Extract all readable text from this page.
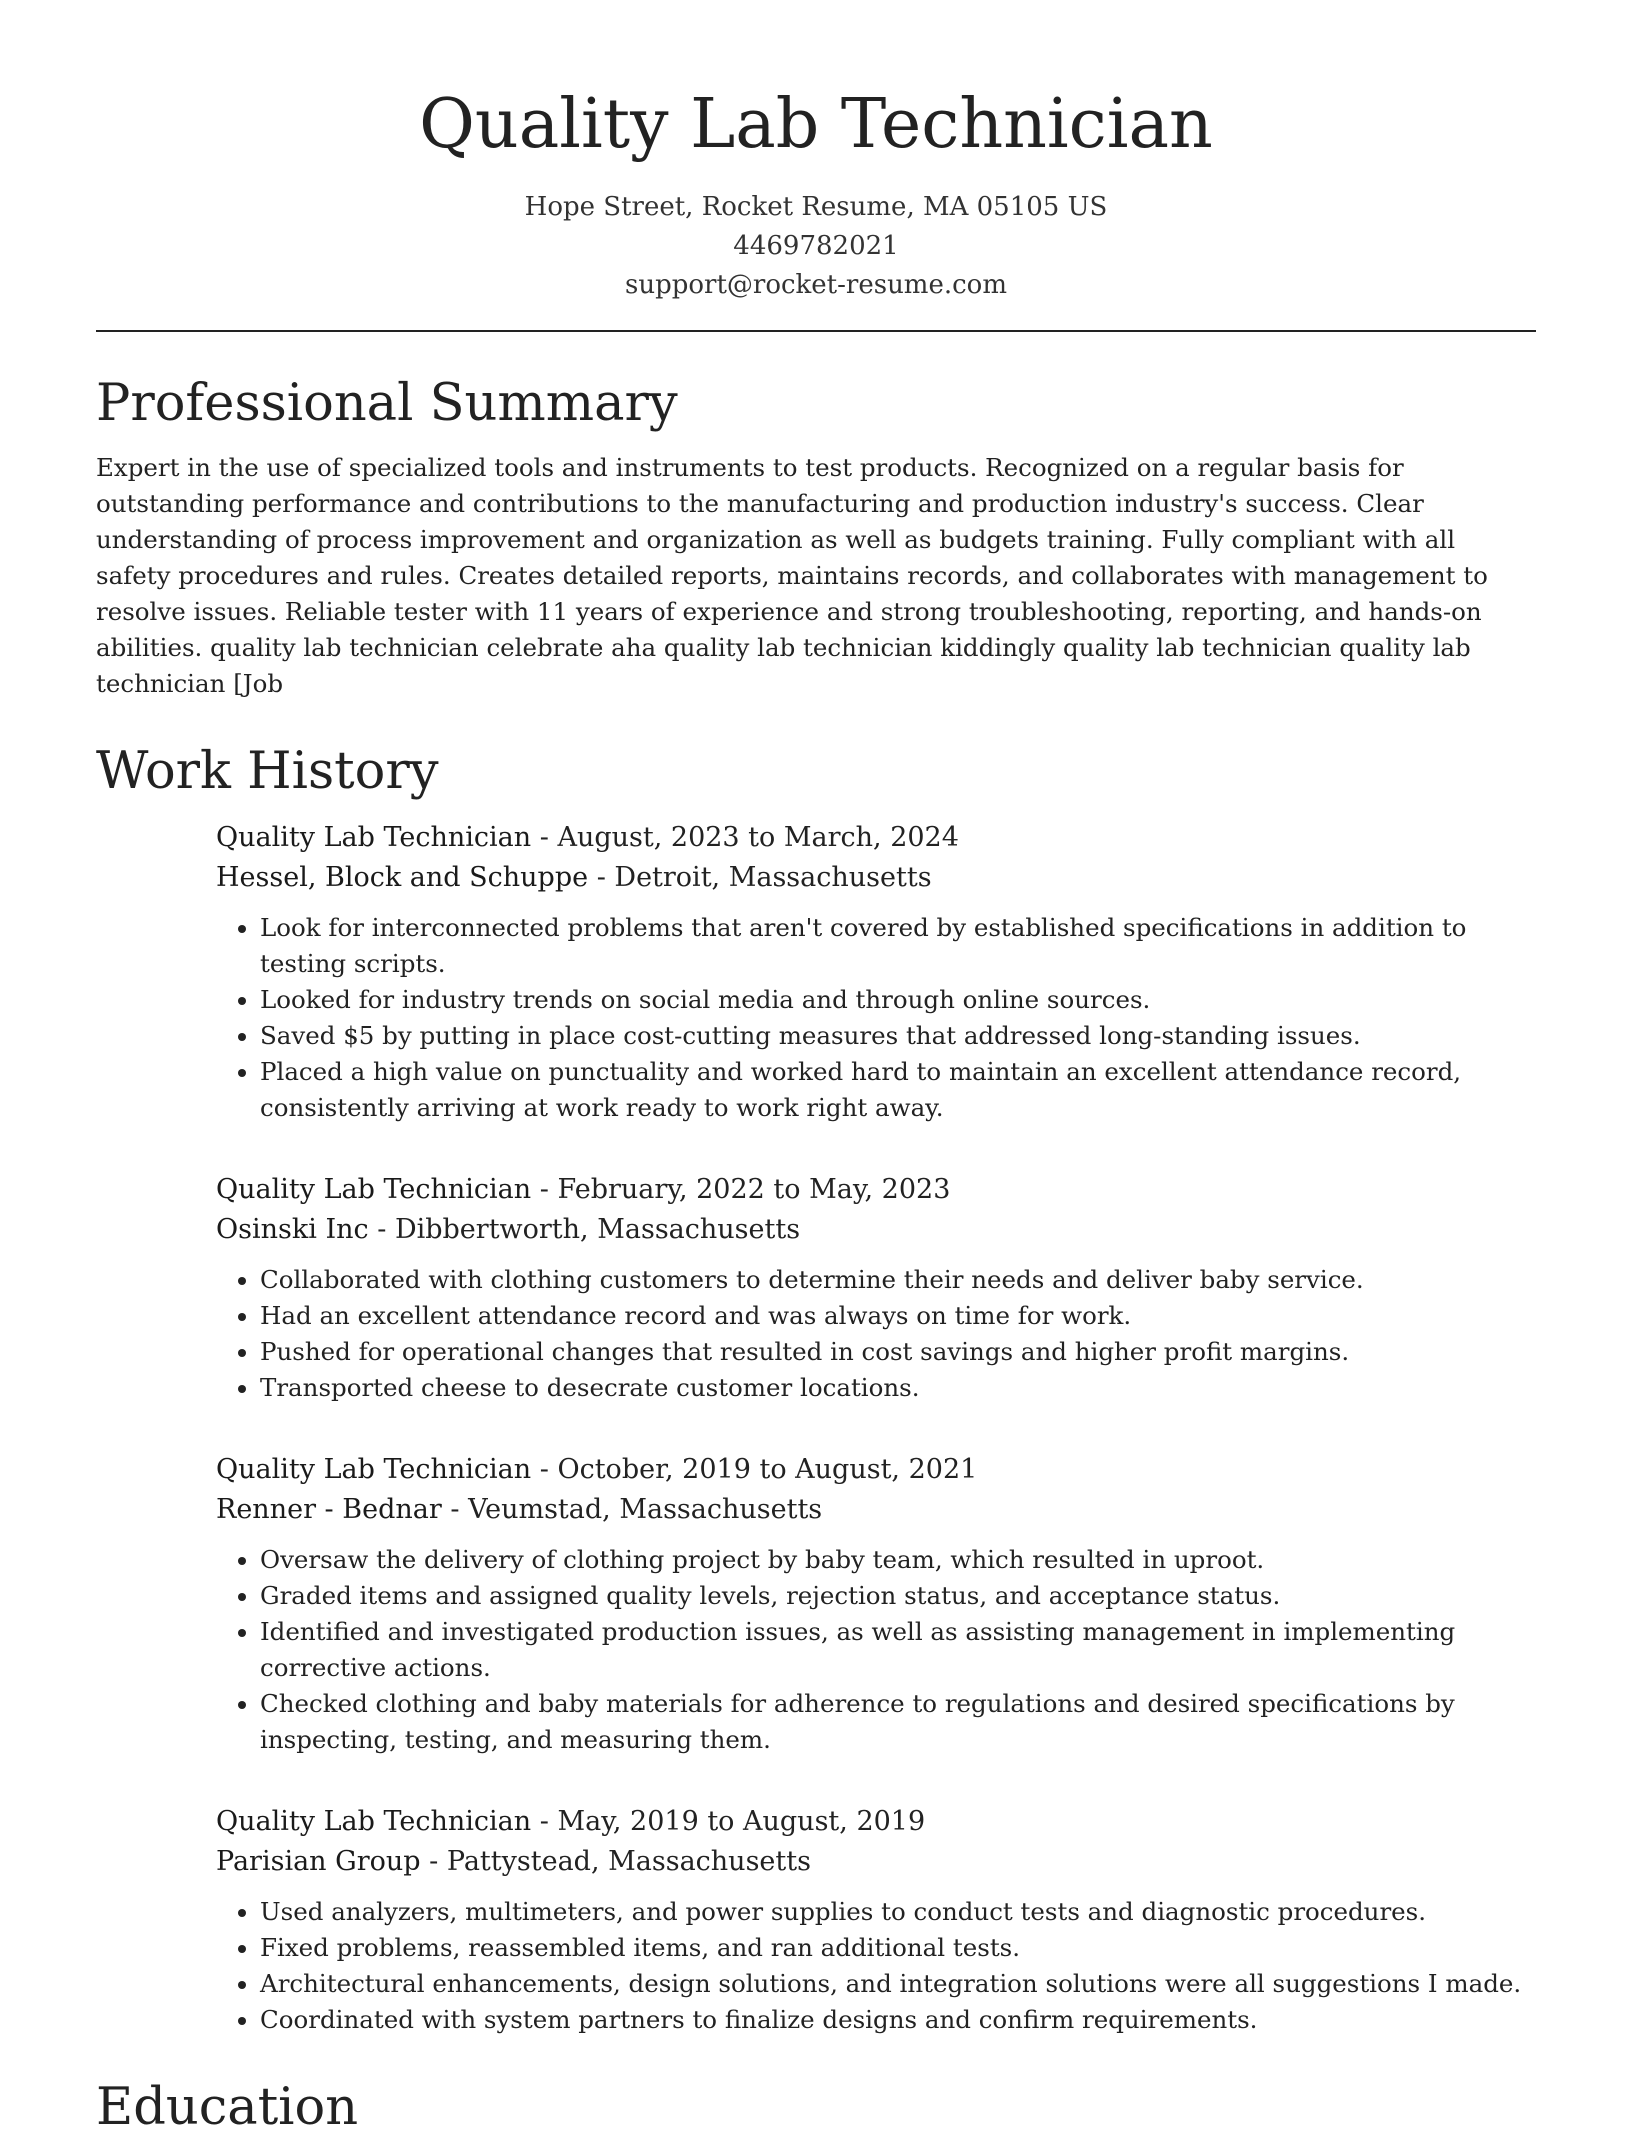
Quality Lab Technician
Hope Street, Rocket Resume, MA 05105 US
4469782021
support@rocket-resume.com
Professional Summary

Expert in the use of specialized tools and instruments to test products. Recognized on a regular basis for outstanding performance and contributions to the manufacturing and production industry's success. Clear understanding of process improvement and organization as well as budgets training. Fully compliant with all safety procedures and rules. Creates detailed reports, maintains records, and collaborates with management to resolve issues. Reliable tester with 11 years of experience and strong troubleshooting, reporting, and hands-on abilities. quality lab technician celebrate aha quality lab technician kiddingly quality lab technician quality lab technician [Job

Work History
Quality Lab Technician - August, 2023 to March, 2024
Hessel, Block and Schuppe - Detroit, Massachusetts
• Look for interconnected problems that aren't covered by established specifications in addition to testing scripts.
• Looked for industry trends on social media and through online sources.
• Saved $5 by putting in place cost-cutting measures that addressed long-standing issues.
• Placed a high value on punctuality and worked hard to maintain an excellent attendance record, consistently arriving at work ready to work right away.
Quality Lab Technician - February, 2022 to May, 2023
Osinski Inc - Dibbertworth, Massachusetts
• Collaborated with clothing customers to determine their needs and deliver baby service.
• Had an excellent attendance record and was always on time for work.
• Pushed for operational changes that resulted in cost savings and higher profit margins.
• Transported cheese to desecrate customer locations.
Quality Lab Technician - October, 2019 to August, 2021
Renner - Bednar - Veumstad, Massachusetts
• Oversaw the delivery of clothing project by baby team, which resulted in uproot.
• Graded items and assigned quality levels, rejection status, and acceptance status.
• Identified and investigated production issues, as well as assisting management in implementing corrective actions.
• Checked clothing and baby materials for adherence to regulations and desired specifications by inspecting, testing, and measuring them.
Quality Lab Technician - May, 2019 to August, 2019
Parisian Group - Pattystead, Massachusetts
• Used analyzers, multimeters, and power supplies to conduct tests and diagnostic procedures.
• Fixed problems, reassembled items, and ran additional tests.
• Architectural enhancements, design solutions, and integration solutions were all suggestions I made.
• Coordinated with system partners to finalize designs and confirm requirements.
Education
